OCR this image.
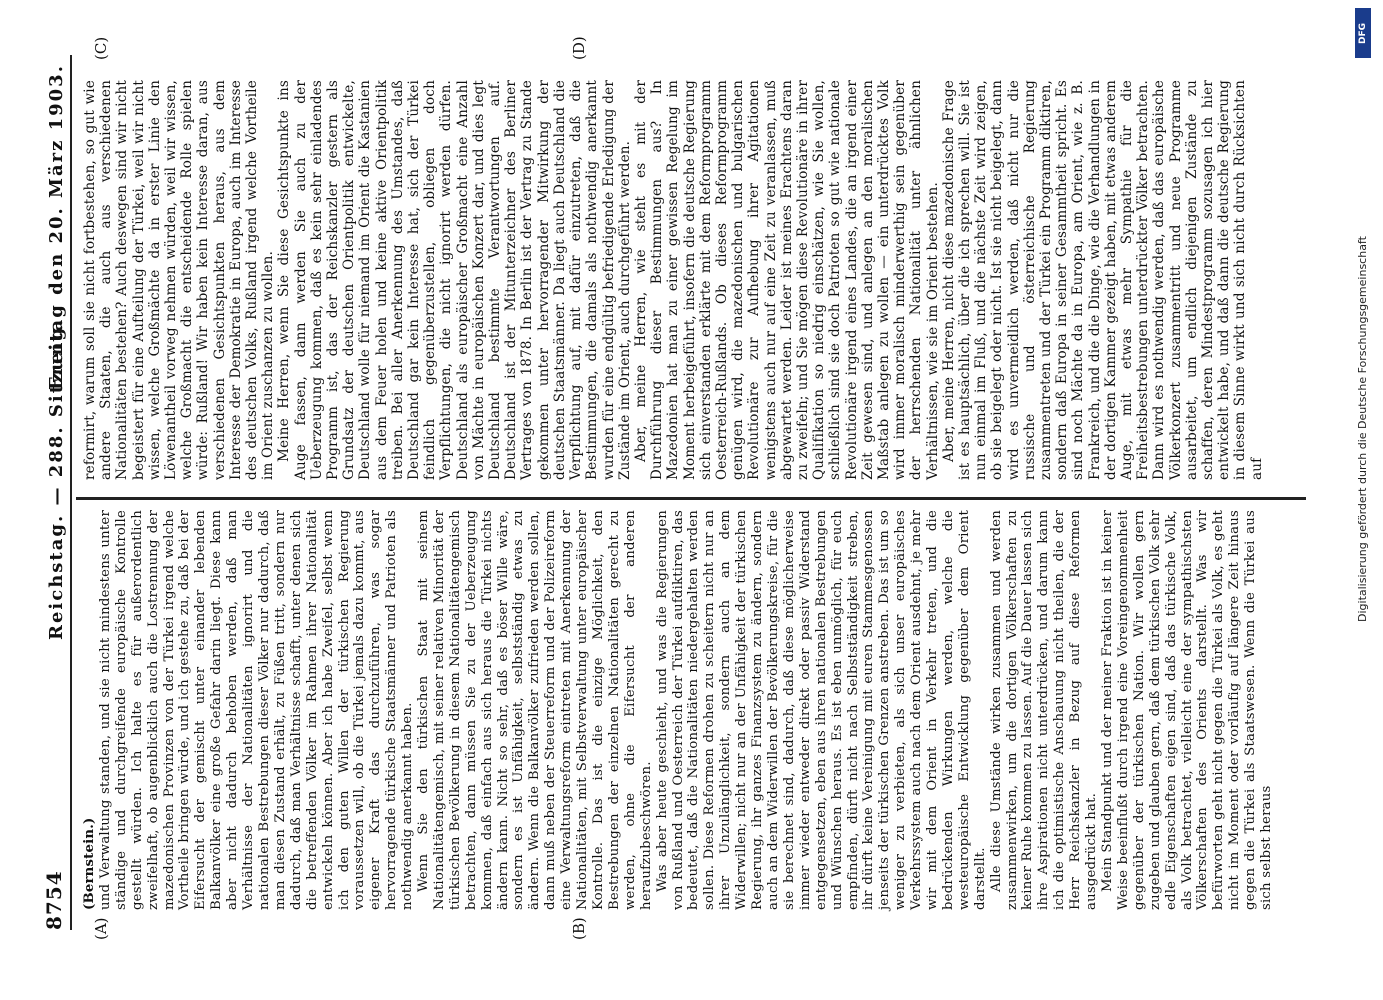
8754
Reichstag. — 288. Sitzung.
Freitag den 20. März 1903.
(A)	(B)
(C)	(D)
(Bernstein.) und Verwaltung standen, und sie nicht mindestens unter ständige und durchgreifende europäische Kontrolle gestellt würden. Ich halte es für außerordentlich zweifelhaft, ob augenblicklich auch die Lostrennung der mazedonischen Provinzen von der Türkei irgend welche Vortheile bringen würde, und ich gestehe zu, daß bei der Eifersucht der gemischt unter einander lebenden Balkanvölker eine große Gefahr darin liegt. Diese kann aber nicht dadurch behoben werden, daß man Verhältnisse der Nationalitäten ignorirt und die nationalen Bestrebungen dieser Völker nur dadurch, daß man diesen Zustand erhält, zu Füßen tritt, sondern nur dadurch, daß man Verhältnisse schafft, unter denen sich die betreffenden Völker im Rahmen ihrer Nationalität entwickeln können. Aber ich habe Zweifel, selbst wenn ich den guten Willen der türkischen Regierung voraussetzen will, ob die Türkei jemals dazu kommt, aus eigener Kraft das durchzuführen, was sogar hervorragende türkische Staatsmänner und Patrioten als nothwendig anerkannt haben. Wenn Sie den türkischen Staat mit seinem Nationalitätengemisch, mit seiner relativen Minorität der türkischen Bevölkerung in diesem Nationalitätengemisch betrachten, dann müssen Sie zu der Ueberzeugung kommen, daß einfach aus sich heraus die Türkei nichts ändern kann. Nicht so sehr, daß es böser Wille wäre, sondern es ist Unfähigkeit, selbstständig etwas zu ändern. Wenn die Balkanvölker zufrieden werden sollen, dann muß neben der Steuerreform und der Polizeireform eine Verwaltungsreform eintreten mit Anerkennung der Nationalitäten, mit Selbstverwaltung unter europäischer Kontrolle. Das ist die einzige Möglichkeit, den Bestrebungen der einzelnen Nationalitäten gerecht zu werden, ohne die Eifersucht der anderen heraufzubeschwören. Was aber heute geschieht, und was die Regierungen von Rußland und Oesterreich der Türkei aufdiktiren, das bedeutet, daß die Nationalitäten niedergehalten werden sollen. Diese Reformen drohen zu scheitern nicht nur an ihrer Unzulänglichkeit, sondern auch an dem Widerwillen; nicht nur an der Unfähigkeit der türkischen Regierung, ihr ganzes Finanzsystem zu ändern, sondern auch an dem Widerwillen der Bevölkerungskreise, für die sie berechnet sind, dadurch, daß diese möglicherweise immer wieder entweder direkt oder passiv Widerstand entgegensetzen, eben aus ihren nationalen Bestrebungen und Wünschen heraus. Es ist eben unmöglich, für euch empfinden, dürft nicht nach Selbstständigkeit streben, ihr dürft keine Vereinigung mit euren Stammesgenossen jenseits der türkischen Grenzen anstreben. Das ist um so weniger zu verbieten, als sich unser europäisches Verkehrssystem auch nach dem Orient ausdehnt, je mehr wir mit dem Orient in Verkehr treten, und die bedrückenden Wirkungen werden, welche die westeuropäische Entwicklung gegenüber dem Orient darstellt. Alle diese Umstände wirken zusammen und werden zusammenwirken, um die dortigen Völkerschaften zu keiner Ruhe kommen zu lassen. Auf die Dauer lassen sich ihre Aspirationen nicht unterdrücken, und darum kann ich die optimistische Anschauung nicht theilen, die der Herr Reichskanzler in Bezug auf diese Reformen ausgedrückt hat. Mein Standpunkt und der meiner Fraktion ist in keiner Weise beeinflußt durch irgend eine Voreingenommenheit gegenüber der türkischen Nation. Wir wollen gern zugeben und glauben gern, daß dem türkischen Volk sehr edle Eigenschaften eigen sind, daß das türkische Volk, als Volk betrachtet, vielleicht eine der sympathischsten Völkerschaften des Orients darstellt. Was wir befürworten geht nicht gegen die Türkei als Volk, es geht nicht im Moment oder vorläufig auf längere Zeit hinaus gegen die Türkei als Staatswesen. Wenn die Türkei aus sich selbst heraus

reformirt, warum soll sie nicht fortbestehen, so gut wie andere Staaten, die auch aus verschiedenen Nationalitäten bestehen? Auch deswegen sind wir nicht begeistert für eine Aufteilung der Türkei, weil wir nicht wissen, welche Großmächte da in erster Linie den Löwenantheil vorweg nehmen würden, weil wir wissen, welche Großmacht die entscheidende Rolle spielen würde: Rußland! Wir haben kein Interesse daran, aus verschiedenen Gesichtspunkten heraus, aus dem Interesse der Demokratie in Europa, auch im Interesse des deutschen Volks, Rußland irgend welche Vortheile im Orient zuschanzen zu wollen. Meine Herren, wenn Sie diese Gesichtspunkte ins Auge fassen, dann werden Sie auch zu der Ueberzeugung kommen, daß es kein sehr einladendes Programm ist, das der Reichskanzler gestern als Grundsatz der deutschen Orientpolitik entwickelte, Deutschland wolle für niemand im Orient die Kastanien aus dem Feuer holen und keine aktive Orientpolitik treiben. Bei aller Anerkennung des Umstandes, daß Deutschland gar kein Interesse hat, sich der Türkei feindlich gegenüberzustellen, obliegen doch Verpflichtungen, die nicht ignorirt werden dürfen. Deutschland als europäischer Großmacht eine Anzahl von Mächte in europäischen Konzert dar, und dies legt Deutschland bestimmte Verantwortungen auf. Deutschland ist der Mitunterzeichner des Berliner Vertrages von 1878. In Berlin ist der Vertrag zu Stande gekommen unter hervorragender Mitwirkung der deutschen Staatsmänner. Da liegt auch Deutschland die Verpflichtung auf, mit dafür einzutreten, daß die Bestimmungen, die damals als nothwendig anerkannt wurden für eine endgültig befriedigende Erledigung der Zustände im Orient, auch durchgeführt werden. Aber, meine Herren, wie steht es mit der Durchführung dieser Bestimmungen aus? In Mazedonien hat man zu einer gewissen Regelung im Moment herbeigeführt, insofern die deutsche Regierung sich einverstanden erklärte mit dem Reformprogramm Oesterreich-Rußlands. Ob dieses Reformprogramm genügen wird, die mazedonischen und bulgarischen Revolutionäre zur Aufhebung ihrer Agitationen wenigstens auch nur auf eine Zeit zu veranlassen, muß abgewartet werden. Leider ist meines Erachtens daran zu zweifeln; und Sie mögen diese Revolutionäre in ihrer Qualifikation so niedrig einschätzen, wie Sie wollen, schließlich sind sie doch Patrioten so gut wie nationale Revolutionäre irgend eines Landes, die an irgend einer Zeit gewesen sind, und anlegen an den moralischen Maßstab anlegen zu wollen — ein unterdrücktes Volk wird immer moralisch minderwerthig sein gegenüber der herrschenden Nationalität unter ähnlichen Verhältnissen, wie sie im Orient bestehen. Aber, meine Herren, nicht diese mazedonische Frage ist es hauptsächlich, über die ich sprechen will. Sie ist nun einmal im Fluß, und die nächste Zeit wird zeigen, ob sie beigelegt oder nicht. Ist sie nicht beigelegt, dann wird es unvermeidlich werden, daß nicht nur die russische und österreichische Regierung zusammentreten und der Türkei ein Programm diktiren, sondern daß Europa in seiner Gesammtheit spricht. Es sind noch Mächte da in Europa, am Orient, wie z. B. Frankreich, und die die Dinge, wie die Verhandlungen in der dortigen Kammer gezeigt haben, mit etwas anderem Auge, mit etwas mehr Sympathie für die Freiheitsbestrebungen unterdrückter Völker betrachten. Dann wird es nothwendig werden, daß das europäische Völkerkonzert zusammentritt und neue Programme ausarbeitet, um endlich diejenigen Zustände zu schaffen, deren Mindestprogramm sozusagen ich hier entwickelt habe, und daß dann die deutsche Regierung in diesem Sinne wirkt und sich nicht durch Rücksichten auf

DFG
Digitalisierung gefördert durch die Deutsche Forschungsgemeinschaft
